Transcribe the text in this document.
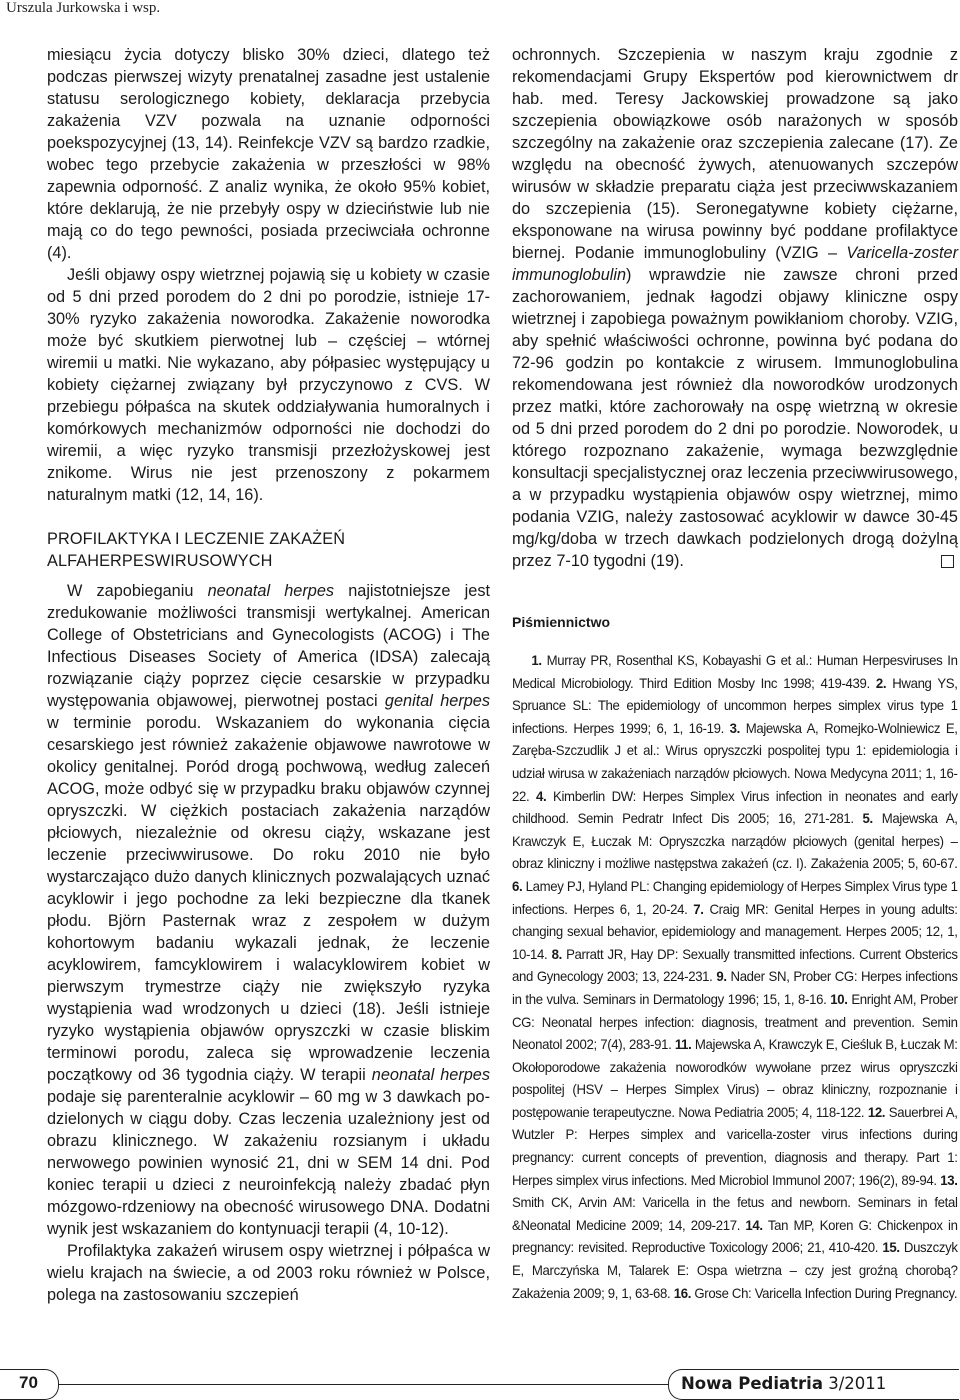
Urszula Jurkowska i wsp.

miesiącu życia dotyczy blisko 30% dzieci, dlatego też podczas pierwszej wizyty prenatalnej zasadne jest ustalenie statusu serologicznego kobiety, deklaracja przebycia zakażenia VZV pozwala na uznanie odporności poekspozycyjnej (13, 14). Reinfekcje VZV są bardzo rzadkie, wobec tego przebycie zakażenia w przeszłości w 98% zapewnia odporność. Z analiz wynika, że około 95% kobiet, które deklarują, że nie przebyły ospy w dzieciństwie lub nie mają co do tego pewności, posiada przeciwciała ochronne (4).

Jeśli objawy ospy wietrznej pojawią się u kobiety w czasie od 5 dni przed porodem do 2 dni po porodzie, istnieje 17-30% ryzyko zakażenia noworodka. Zakażenie noworodka może być skutkiem pierwotnej lub – częściej – wtórnej wiremii u matki. Nie wykazano, aby półpasiec występujący u kobiety ciężarnej związany był przyczynowo z CVS. W przebiegu półpaśca na skutek oddziaływania humoralnych i komórkowych mechanizmów odporności nie dochodzi do wiremii, a więc ryzyko transmisji przezłożyskowej jest znikome. Wirus nie jest przenoszony z pokarmem naturalnym matki (12, 14, 16).

PROFILAKTYKA I LECZENIE ZAKAŻEŃ
ALFAHERPESWIRUSOWYCH

W zapobieganiu neonatal herpes najistotniejsze jest zredukowanie możliwości transmisji wertykalnej. American College of Obstetricians and Gynecologists (ACOG) i The Infectious Diseases Society of America (IDSA) zalecają rozwiązanie ciąży poprzez cięcie cesarskie w przypadku występowania objawowej, pierwotnej postaci genital herpes w terminie porodu. Wskazaniem do wykonania cięcia cesarskiego jest również zakażenie objawowe nawrotowe w okolicy genitalnej. Poród drogą pochwową, według zaleceń ACOG, może odbyć się w przypadku braku objawów czynnej opryszczki. W ciężkich postaciach zakażenia narządów płciowych, niezależnie od okresu ciąży, wskazane jest leczenie przeciwwirusowe. Do roku 2010 nie było wystarczająco dużo danych klinicznych pozwalających uznać acyklowir i jego pochodne za leki bezpieczne dla tkanek płodu. Björn Pasternak wraz z zespołem w dużym kohortowym badaniu wykazali jednak, że leczenie acyklowirem, famcyklowirem i walacyklowirem kobiet w pierwszym trymestrze ciąży nie zwiększyło ryzyka wystąpienia wad wrodzonych u dzieci (18). Jeśli istnieje ryzyko wystąpienia objawów opryszczki w czasie bliskim terminowi porodu, zaleca się wprowadzenie leczenia początkowy od 36 tygodnia ciąży. W terapii neonatal herpes podaje się parenteralnie acyklowir – 60 mg w 3 dawkach podzielonych w ciągu doby. Czas leczenia uzależniony jest od obrazu klinicznego. W zakażeniu rozsianym i układu nerwowego powinien wynosić 21, dni w SEM 14 dni. Pod koniec terapii u dzieci z neuroinfekcją należy zbadać płyn mózgowo-rdzeniowy na obecność wirusowego DNA. Dodatni wynik jest wskazaniem do kontynuacji terapii (4, 10-12).

Profilaktyka zakażeń wirusem ospy wietrznej i półpaśca w wielu krajach na świecie, a od 2003 roku również w Polsce, polega na zastosowaniu szczepień

ochronnych. Szczepienia w naszym kraju zgodnie z rekomendacjami Grupy Ekspertów pod kierownictwem dr hab. med. Teresy Jackowskiej prowadzone są jako szczepienia obowiązkowe osób narażonych w sposób szczególny na zakażenie oraz szczepienia zalecane (17). Ze względu na obecność żywych, atenuowanych szczepów wirusów w składzie preparatu ciąża jest przeciwwskazaniem do szczepienia (15). Seronegatywne kobiety ciężarne, eksponowane na wirusa powinny być poddane profilaktyce biernej. Podanie immunoglobuliny (VZIG – Varicella-zoster immunoglobulin) wprawdzie nie zawsze chroni przed zachorowaniem, jednak łagodzi objawy kliniczne ospy wietrznej i zapobiega poważnym powikłaniom choroby. VZIG, aby spełnić właściwości ochronne, powinna być podana do 72-96 godzin po kontakcie z wirusem. Immunoglobulina rekomendowana jest również dla noworodków urodzonych przez matki, które zachorowały na ospę wietrzną w okresie od 5 dni przed porodem do 2 dni po porodzie. Noworodek, u którego rozpoznano zakażenie, wymaga bezwzględnie konsultacji specjalistycznej oraz leczenia przeciwwirusowego, a w przypadku wystąpienia objawów ospy wietrznej, mimo podania VZIG, należy zastosować acyklowir w dawce 30-45 mg/kg/doba w trzech dawkach podzielonych drogą dożylną przez 7-10 tygodni (19).

Piśmiennictwo

1. Murray PR, Rosenthal KS, Kobayashi G et al.: Human Herpesviruses In Medical Microbiology. Third Edition Mosby Inc 1998; 419-439. 2. Hwang YS, Spruance SL: The epidemiology of uncommon herpes simplex virus type 1 infections. Herpes 1999; 6, 1, 16-19. 3. Majewska A, Romejko-Wolniewicz E, Zaręba-Szczudlik J et al.: Wirus opryszczki pospolitej typu 1: epidemiologia i udział wirusa w zakażeniach narządów płciowych. Nowa Medycyna 2011; 1, 16-22. 4. Kimberlin DW: Herpes Simplex Virus infection in neonates and early childhood. Semin Pedratr Infect Dis 2005; 16, 271-281. 5. Majewska A, Krawczyk E, Łuczak M: Opryszczka narządów płciowych (genital herpes) – obraz kliniczny i możliwe następstwa zakażeń (cz. I). Zakażenia 2005; 5, 60-67. 6. Lamey PJ, Hyland PL: Changing epidemiology of Herpes Simplex Virus type 1 infections. Herpes 6, 1, 20-24. 7. Craig MR: Genital Herpes in young adults: changing sexual behavior, epidemiology and management. Herpes 2005; 12, 1, 10-14. 8. Parratt JR, Hay DP: Sexually transmitted infections. Current Obsterics and Gynecology 2003; 13, 224-231. 9. Nader SN, Prober CG: Herpes infections in the vulva. Seminars in Dermatology 1996; 15, 1, 8-16. 10. Enright AM, Prober CG: Neonatal herpes infection: diagnosis, treatment and prevention. Semin Neonatol 2002; 7(4), 283-91. 11. Majewska A, Krawczyk E, Cieśluk B, Łuczak M: Okołoporodowe zakażenia noworodków wywołane przez wirus opryszczki pospolitej (HSV – Herpes Simplex Virus) – obraz kliniczny, rozpoznanie i postępowanie terapeutyczne. Nowa Pediatria 2005; 4, 118-122. 12. Sauerbrei A, Wutzler P: Herpes simplex and varicella-zoster virus infections during pregnancy: current concepts of prevention, diagnosis and therapy. Part 1: Herpes simplex virus infections. Med Microbiol Immunol 2007; 196(2), 89-94. 13. Smith CK, Arvin AM: Varicella in the fetus and newborn. Seminars in fetal &Neonatal Medicine 2009; 14, 209-217. 14. Tan MP, Koren G: Chickenpox in pregnancy: revisited. Reproductive Toxicology 2006; 21, 410-420. 15. Duszczyk E, Marczyńska M, Talarek E: Ospa wietrzna – czy jest groźną chorobą? Zakażenia 2009; 9, 1, 63-68. 16. Grose Ch: Varicella Infection During Pregnancy.

70	Nowa Pediatria 3/2011
